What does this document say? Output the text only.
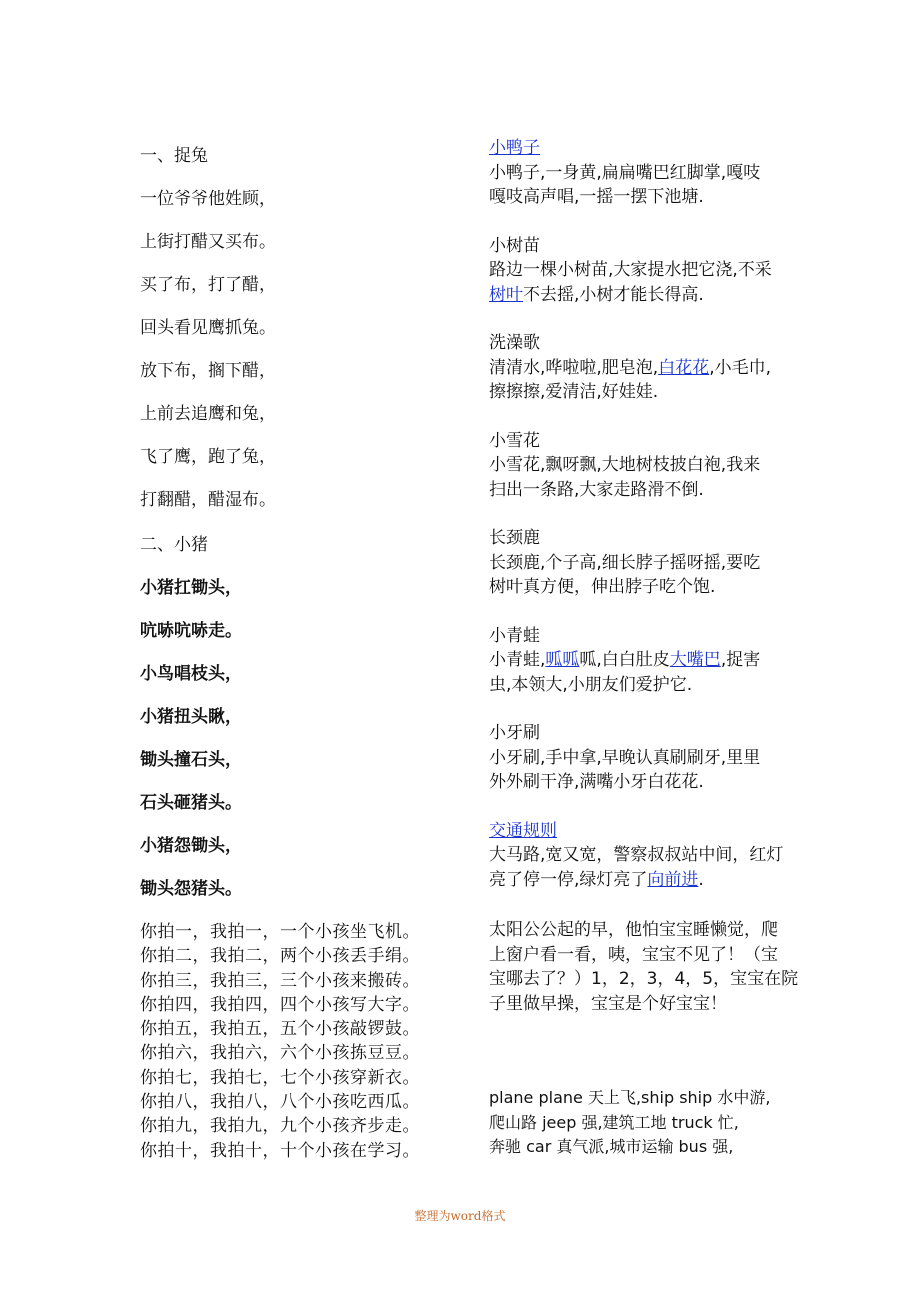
一、捉兔
一位爷爷他姓顾，
上街打醋又买布。
买了布，打了醋，
回头看见鹰抓兔。
放下布，搁下醋，
上前去追鹰和兔，
飞了鹰，跑了兔，
打翻醋，醋湿布。
二、小猪
小猪扛锄头，
吭哧吭哧走。
小鸟唱枝头，
小猪扭头瞅，
锄头撞石头，
石头砸猪头。
小猪怨锄头，
锄头怨猪头。
你拍一，我拍一，一个小孩坐飞机。
你拍二，我拍二，两个小孩丢手绢。
你拍三，我拍三，三个小孩来搬砖。
你拍四，我拍四，四个小孩写大字。
你拍五，我拍五，五个小孩敲锣鼓。
你拍六，我拍六，六个小孩拣豆豆。
你拍七，我拍七，七个小孩穿新衣。
你拍八，我拍八，八个小孩吃西瓜。
你拍九，我拍九，九个小孩齐步走。
你拍十，我拍十，十个小孩在学习。
小鸭子
小鸭子,一身黄,扁扁嘴巴红脚掌,嘎吱
嘎吱高声唱,一摇一摆下池塘.
小树苗
路边一棵小树苗,大家提水把它浇,不采
树叶不去摇,小树才能长得高.
洗澡歌
清清水,哗啦啦,肥皂泡,白花花,小毛巾,
擦擦擦,爱清洁,好娃娃.
小雪花
小雪花,飘呀飘,大地树枝披白袍,我来
扫出一条路,大家走路滑不倒.
长颈鹿
长颈鹿,个子高,细长脖子摇呀摇,要吃
树叶真方便，伸出脖子吃个饱.
小青蛙
小青蛙,呱呱呱,白白肚皮大嘴巴,捉害
虫,本领大,小朋友们爱护它.
小牙刷
小牙刷,手中拿,早晚认真刷刷牙,里里
外外刷干净,满嘴小牙白花花.
交通规则
大马路,宽又宽，警察叔叔站中间，红灯
亮了停一停,绿灯亮了向前进.
太阳公公起的早，他怕宝宝睡懒觉，爬
上窗户看一看，咦，宝宝不见了！（宝
宝哪去了？）1，2，3，4，5，宝宝在院
子里做早操，宝宝是个好宝宝！
plane plane 天上飞,ship ship 水中游,
爬山路 jeep 强,建筑工地 truck 忙,
奔驰 car 真气派,城市运输 bus 强,
整理为word格式
